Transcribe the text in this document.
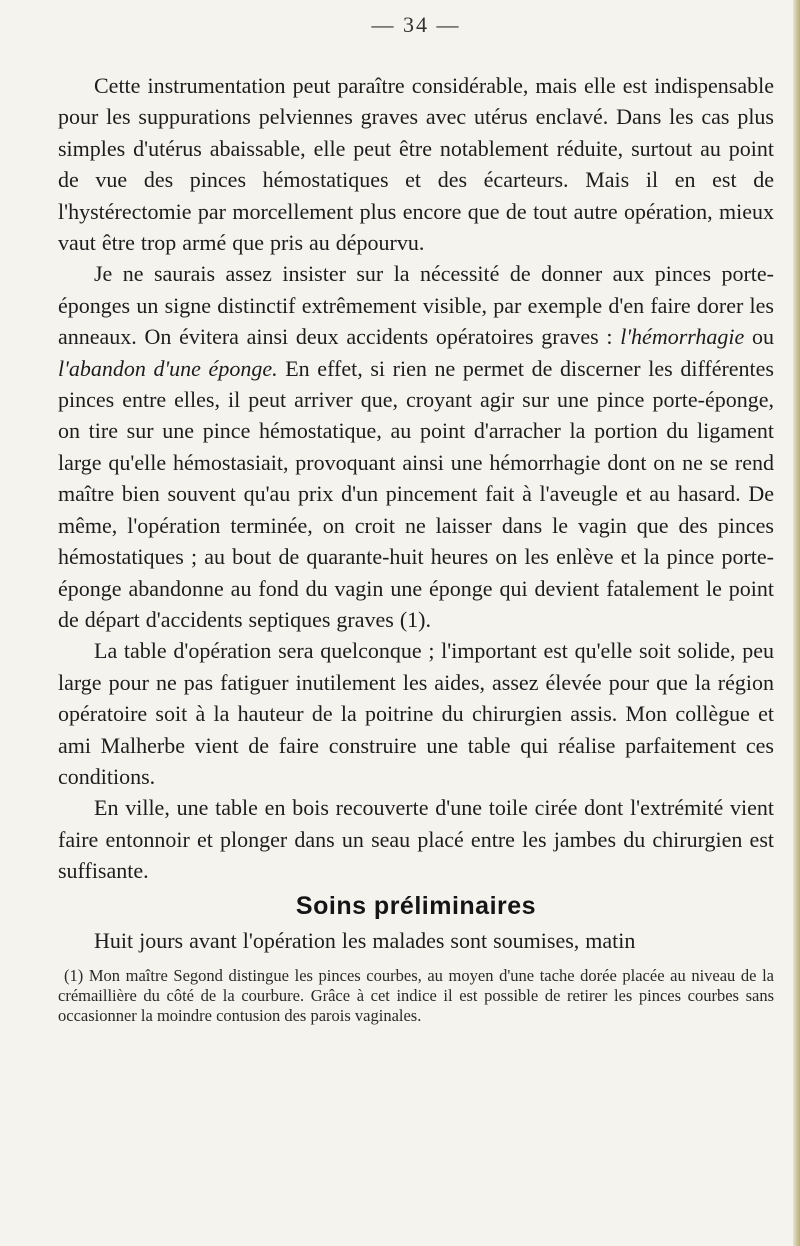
— 34 —

Cette instrumentation peut paraître considérable, mais elle est indispensable pour les suppurations pelviennes graves avec utérus enclavé. Dans les cas plus simples d'utérus abaissable, elle peut être notablement réduite, surtout au point de vue des pinces hémostatiques et des écarteurs. Mais il en est de l'hystérectomie par morcellement plus encore que de tout autre opération, mieux vaut être trop armé que pris au dépourvu.

Je ne saurais assez insister sur la nécessité de donner aux pinces porte-éponges un signe distinctif extrêmement visible, par exemple d'en faire dorer les anneaux. On évitera ainsi deux accidents opératoires graves : l'hémorrhagie ou l'abandon d'une éponge. En effet, si rien ne permet de discerner les différentes pinces entre elles, il peut arriver que, croyant agir sur une pince porte-éponge, on tire sur une pince hémostatique, au point d'arracher la portion du ligament large qu'elle hémostasiait, provoquant ainsi une hémorrhagie dont on ne se rend maître bien souvent qu'au prix d'un pincement fait à l'aveugle et au hasard. De même, l'opération terminée, on croit ne laisser dans le vagin que des pinces hémostatiques ; au bout de quarante-huit heures on les enlève et la pince porte-éponge abandonne au fond du vagin une éponge qui devient fatalement le point de départ d'accidents septiques graves (1).

La table d'opération sera quelconque ; l'important est qu'elle soit solide, peu large pour ne pas fatiguer inutilement les aides, assez élevée pour que la région opératoire soit à la hauteur de la poitrine du chirurgien assis. Mon collègue et ami Malherbe vient de faire construire une table qui réalise parfaitement ces conditions.

En ville, une table en bois recouverte d'une toile cirée dont l'extrémité vient faire entonnoir et plonger dans un seau placé entre les jambes du chirurgien est suffisante.

Soins préliminaires

Huit jours avant l'opération les malades sont soumises, matin

(1) Mon maître Segond distingue les pinces courbes, au moyen d'une tache dorée placée au niveau de la crémaillière du côté de la courbure. Grâce à cet indice il est possible de retirer les pinces courbes sans occasionner la moindre contusion des parois vaginales.
